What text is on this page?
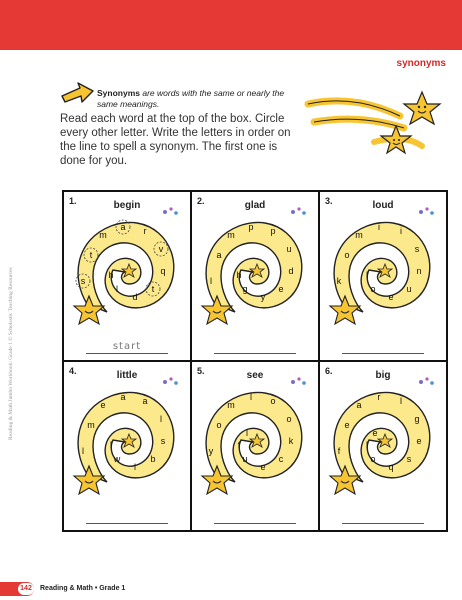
synonyms
Reading & Math Jumbo Workbook: Grade 1 © Scholastic Teaching Resources
Synonyms are words with the same or nearly the same meanings.
Read each word at the top of the box. Circle every other letter. Write the letters in order on the line to spell a synonym. The first one is done for you.
1.	begin
start
s
t
m
a r
v
q
t
d
l
h
2.	glad
l
a
m
p p
u
d
e
y
g
h
3.	loud
k
o
m
i i
s
n
u
e
o
l
4.	little
l
m
e
a a
l
s
b
l
w
l
5.	see
y
o
m
l o
o
k
c
e
u
f
l
6.	big
f
e
a
r l
g
e
s
q
o
l
e
142	Reading & Math • Grade 1
